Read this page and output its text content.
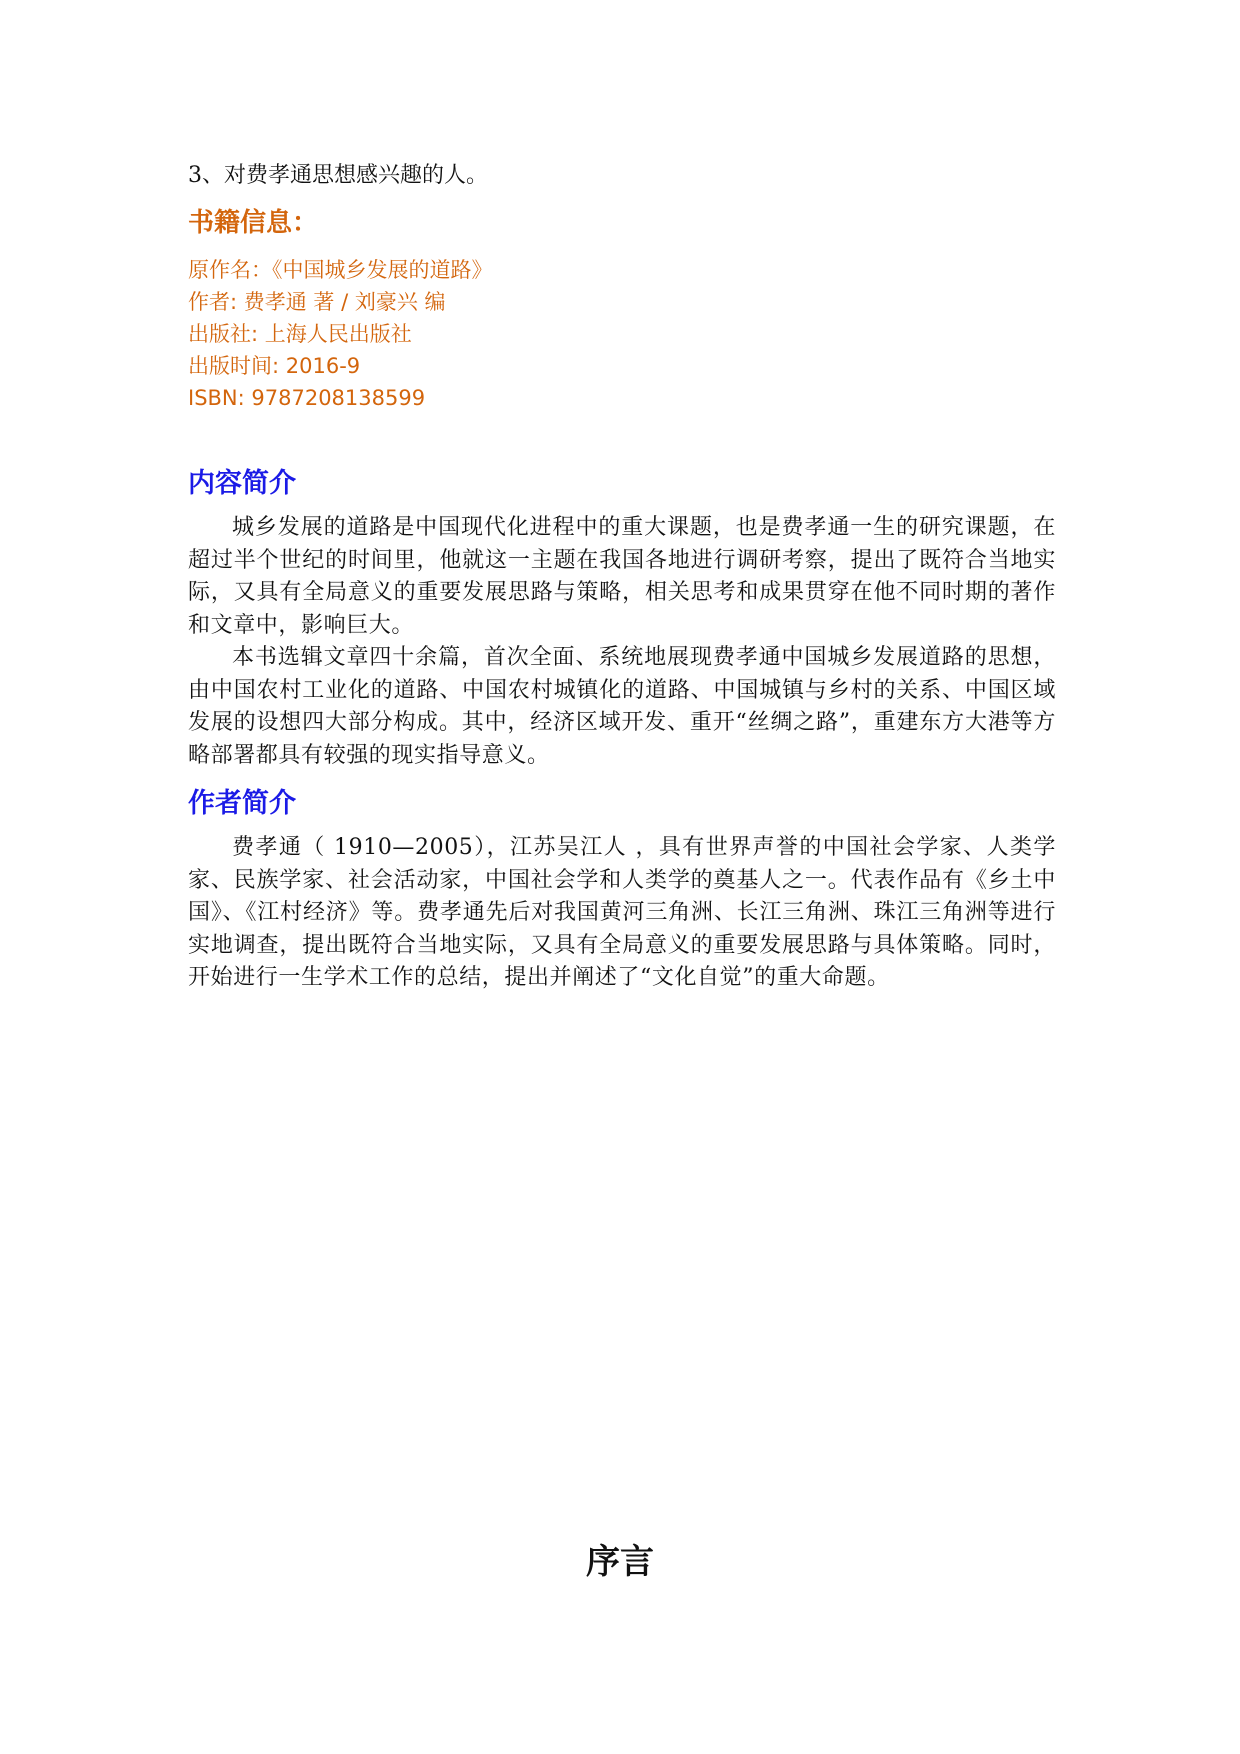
3、对费孝通思想感兴趣的人。

书籍信息：

原作名：《中国城乡发展的道路》

作者: 费孝通 著 / 刘豪兴 编

出版社: 上海人民出版社

出版时间: 2016-9

ISBN: 9787208138599

内容简介

城乡发展的道路是中国现代化进程中的重大课题，也是费孝通一生的研究课题，在超过半个世纪的时间里，他就这一主题在我国各地进行调研考察，提出了既符合当地实际，又具有全局意义的重要发展思路与策略，相关思考和成果贯穿在他不同时期的著作和文章中，影响巨大。

本书选辑文章四十余篇，首次全面、系统地展现费孝通中国城乡发展道路的思想，由中国农村工业化的道路、中国农村城镇化的道路、中国城镇与乡村的关系、中国区域发展的设想四大部分构成。其中，经济区域开发、重开“丝绸之路”，重建东方大港等方略部署都具有较强的现实指导意义。

作者简介

费孝通（ 1910—2005），江苏吴江人 ，具有世界声誉的中国社会学家、人类学家、民族学家、社会活动家，中国社会学和人类学的奠基人之一。代表作品有《乡土中国》、《江村经济》等。费孝通先后对我国黄河三角洲、长江三角洲、珠江三角洲等进行实地调查，提出既符合当地实际，又具有全局意义的重要发展思路与具体策略。同时，开始进行一生学术工作的总结，提出并阐述了“文化自觉”的重大命题。

序言
